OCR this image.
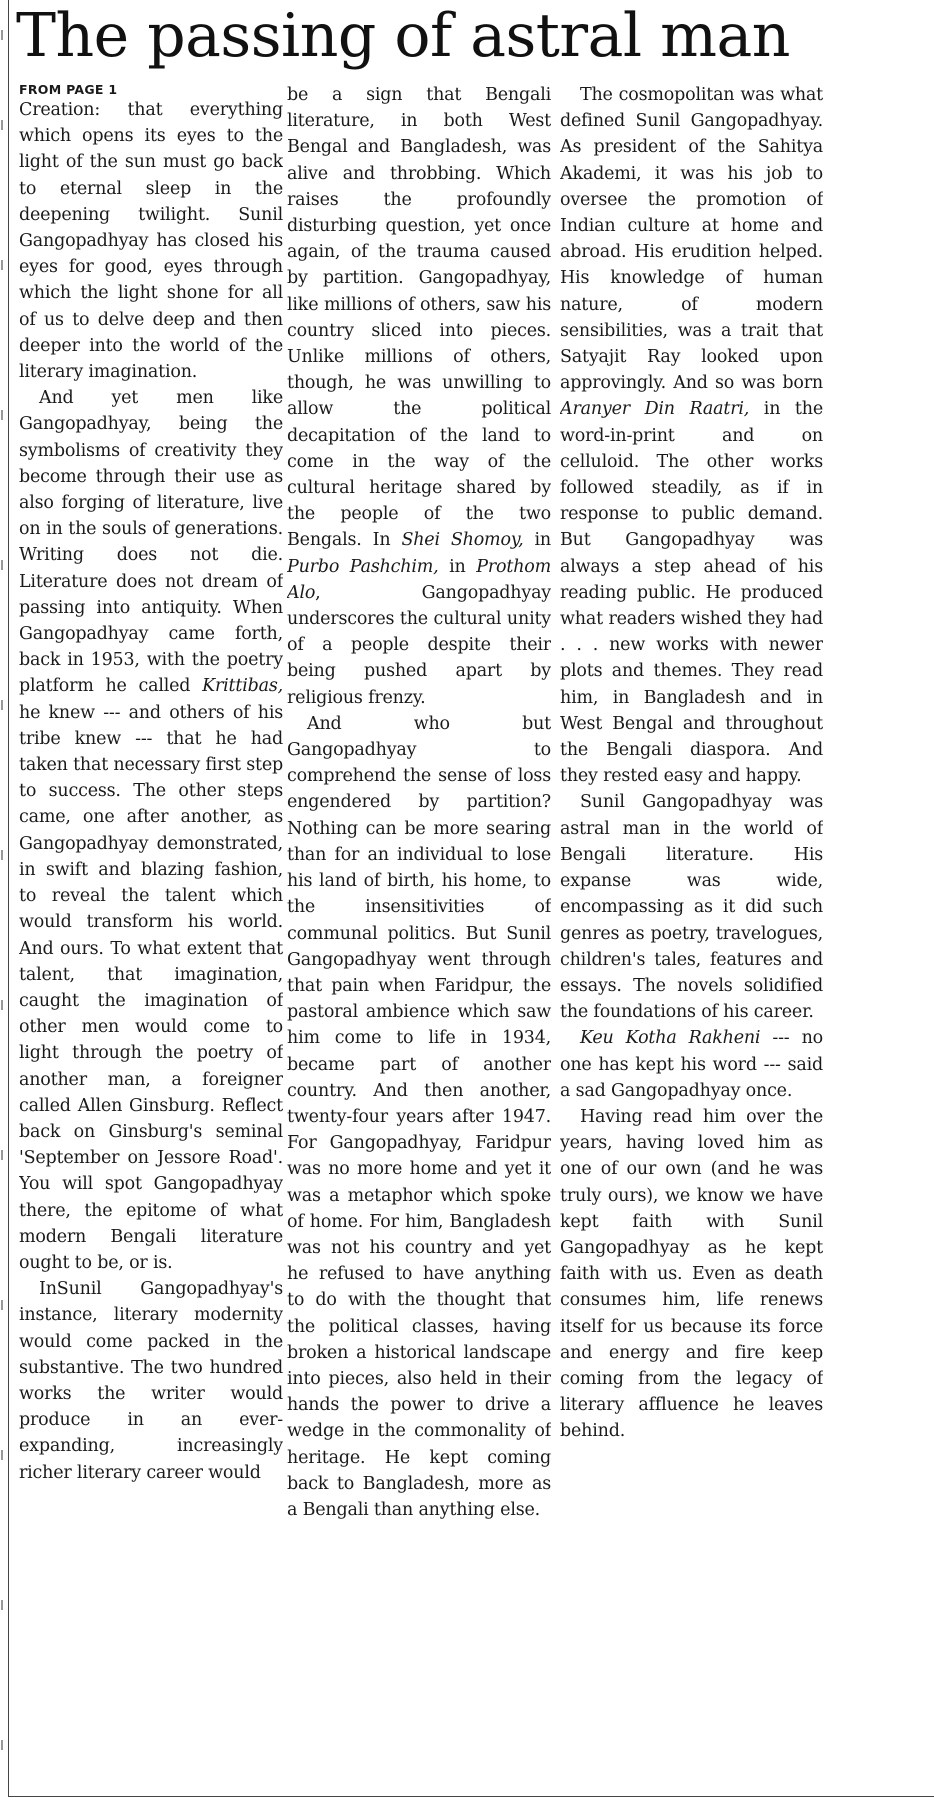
The passing of astral man
FROM PAGE 1

Creation: that everything which opens its eyes to the light of the sun must go back to eternal sleep in the deepening twilight. Sunil Gangopadhyay has closed his eyes for good, eyes through which the light shone for all of us to delve deep and then deeper into the world of the literary imagination.

And yet men like Gangopadhyay, being the symbolisms of creativity they become through their use as also forging of literature, live on in the souls of generations. Writing does not die. Literature does not dream of passing into antiquity. When Gangopadhyay came forth, back in 1953, with the poetry platform he called Krittibas, he knew --- and others of his tribe knew --- that he had taken that necessary first step to success. The other steps came, one after another, as Gangopadhyay demonstrated, in swift and blazing fashion, to reveal the talent which would transform his world. And ours. To what extent that talent, that imagination, caught the imagination of other men would come to light through the poetry of another man, a foreigner called Allen Ginsburg. Reflect back on Ginsburg's seminal 'September on Jessore Road'. You will spot Gangopadhyay there, the epitome of what modern Bengali literature ought to be, or is.

InSunil Gangopadhyay's instance, literary modernity would come packed in the substantive. The two hundred works the writer would produce in an ever-expanding, increasingly richer literary career would

be a sign that Bengali literature, in both West Bengal and Bangladesh, was alive and throbbing. Which raises the profoundly disturbing question, yet once again, of the trauma caused by partition. Gangopadhyay, like millions of others, saw his country sliced into pieces. Unlike millions of others, though, he was unwilling to allow the political decapitation of the land to come in the way of the cultural heritage shared by the people of the two Bengals. In Shei Shomoy, in Purbo Pashchim, in Prothom Alo, Gangopadhyay underscores the cultural unity of a people despite their being pushed apart by religious frenzy.

And who but Gangopadhyay to comprehend the sense of loss engendered by partition? Nothing can be more searing than for an individual to lose his land of birth, his home, to the insensitivities of communal politics. But Sunil Gangopadhyay went through that pain when Faridpur, the pastoral ambience which saw him come to life in 1934, became part of another country. And then another, twenty-four years after 1947. For Gangopadhyay, Faridpur was no more home and yet it was a metaphor which spoke of home. For him, Bangladesh was not his country and yet he refused to have anything to do with the thought that the political classes, having broken a historical landscape into pieces, also held in their hands the power to drive a wedge in the commonality of heritage. He kept coming back to Bangladesh, more as a Bengali than anything else.

The cosmopolitan was what defined Sunil Gangopadhyay. As president of the Sahitya Akademi, it was his job to oversee the promotion of Indian culture at home and abroad. His erudition helped. His knowledge of human nature, of modern sensibilities, was a trait that Satyajit Ray looked upon approvingly. And so was born Aranyer Din Raatri, in the word-in-print and on celluloid. The other works followed steadily, as if in response to public demand. But Gangopadhyay was always a step ahead of his reading public. He produced what readers wished they had . . . new works with newer plots and themes. They read him, in Bangladesh and in West Bengal and throughout the Bengali diaspora. And they rested easy and happy.

Sunil Gangopadhyay was astral man in the world of Bengali literature. His expanse was wide, encompassing as it did such genres as poetry, travelogues, children's tales, features and essays. The novels solidified the foundations of his career.

Keu Kotha Rakheni --- no one has kept his word --- said a sad Gangopadhyay once.

Having read him over the years, having loved him as one of our own (and he was truly ours), we know we have kept faith with Sunil Gangopadhyay as he kept faith with us. Even as death consumes him, life renews itself for us because its force and energy and fire keep coming from the legacy of literary affluence he leaves behind.
